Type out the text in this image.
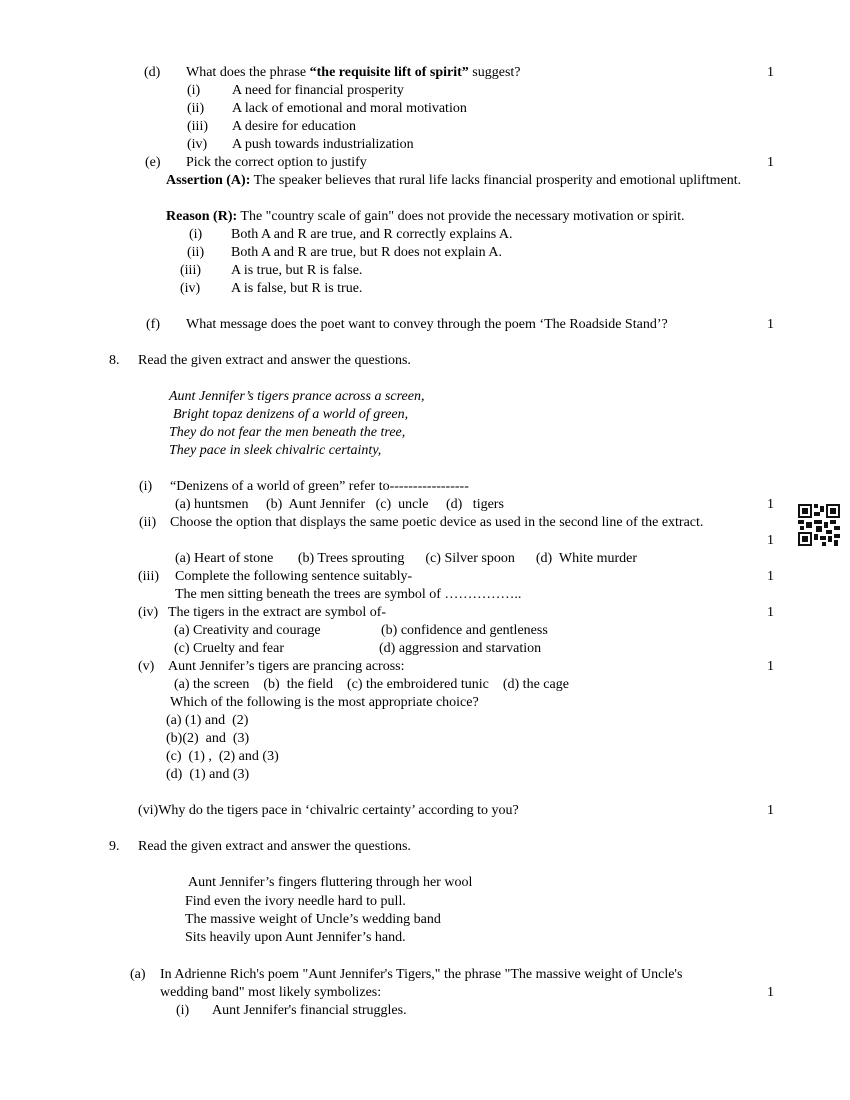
(d) What does the phrase “the requisite lift of spirit” suggest?	1
(i) A need for financial prosperity
(ii) A lack of emotional and moral motivation
(iii) A desire for education
(iv) A push towards industrialization
(e) Pick the correct option to justify	1
Assertion (A): The speaker believes that rural life lacks financial prosperity and emotional upliftment.
Reason (R): The "country scale of gain" does not provide the necessary motivation or spirit.
(i) Both A and R are true, and R correctly explains A.
(ii) Both A and R are true, but R does not explain A.
(iii) A is true, but R is false.
(iv) A is false, but R is true.
(f) What message does the poet want to convey through the poem ‘The Roadside Stand’?	1
8. Read the given extract and answer the questions.
Aunt Jennifer’s tigers prance across a screen,
Bright topaz denizens of a world of green,
They do not fear the men beneath the tree,
They pace in sleek chivalric certainty,
(i) “Denizens of a world of green” refer to-----------------
(a) huntsmen     (b)  Aunt Jennifer   (c)  uncle     (d)   tigers	1
(ii) Choose the option that displays the same poetic device as used in the second line of the extract.
1
(a) Heart of stone       (b) Trees sprouting      (c) Silver spoon      (d)  White murder
(iii) Complete the following sentence suitably-	1
The men sitting beneath the trees are symbol of ……………..
(iv) The tigers in the extract are symbol of-	1
(a) Creativity and courage	(b) confidence and gentleness
(c) Cruelty and fear	(d) aggression and starvation
(v) Aunt Jennifer’s tigers are prancing across:	1
(a) the screen    (b)  the field    (c) the embroidered tunic    (d) the cage
Which of the following is the most appropriate choice?
(a) (1) and  (2)
(b)(2)  and  (3)
(c)  (1) ,  (2) and (3)
(d)  (1) and (3)
(vi)Why do the tigers pace in ‘chivalric certainty’ according to you?	1
9. Read the given extract and answer the questions.
Aunt Jennifer’s fingers fluttering through her wool
Find even the ivory needle hard to pull.
The massive weight of Uncle’s wedding band
Sits heavily upon Aunt Jennifer’s hand.
(a) In Adrienne Rich's poem "Aunt Jennifer's Tigers," the phrase "The massive weight of Uncle's
wedding band" most likely symbolizes:	1
(i) Aunt Jennifer's financial struggles.
